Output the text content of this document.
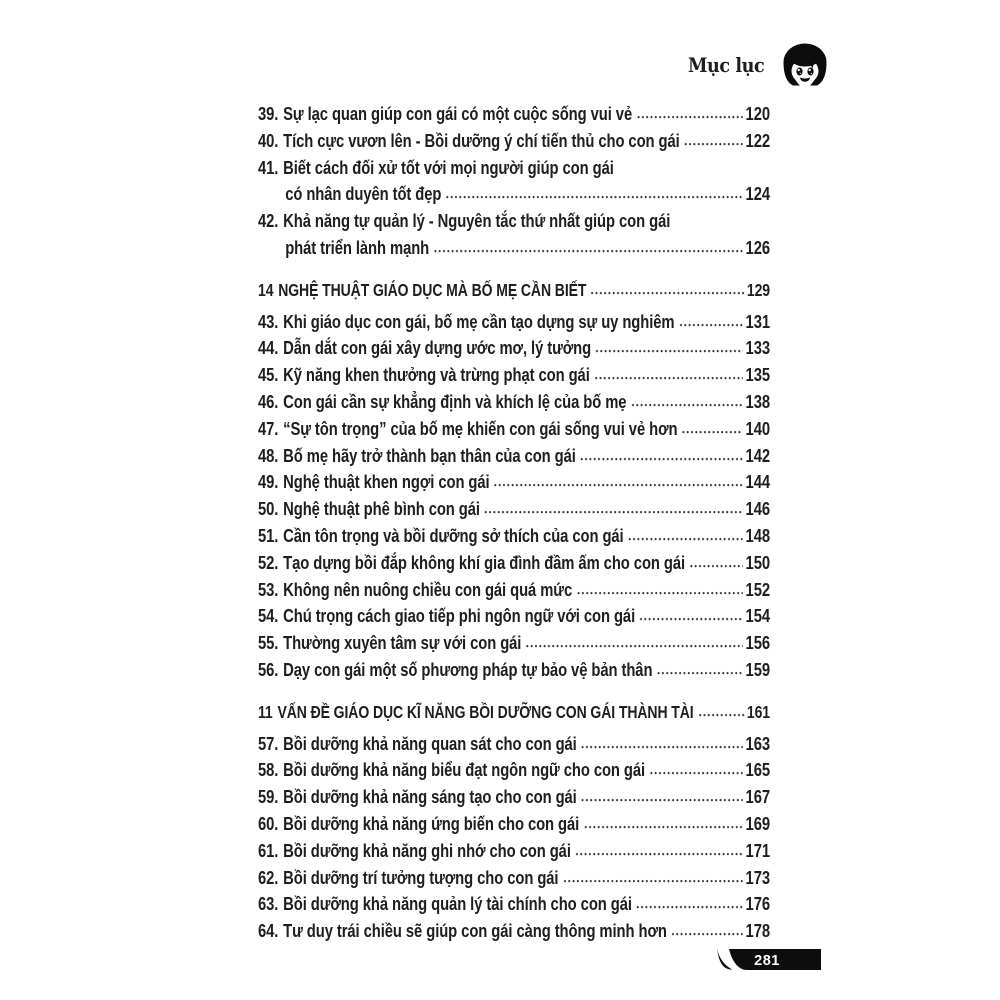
Mục lục
39. Sự lạc quan giúp con gái có một cuộc sống vui vẻ	120
40. Tích cực vươn lên - Bồi dưỡng ý chí tiến thủ cho con gái	122
41. Biết cách đối xử tốt với mọi người giúp con gái
có nhân duyên tốt đẹp	124
42. Khả năng tự quản lý - Nguyên tắc thứ nhất giúp con gái
phát triển lành mạnh	126
14 NGHỆ THUẬT GIÁO DỤC MÀ BỐ MẸ CẦN BIẾT	129
43. Khi giáo dục con gái, bố mẹ cần tạo dựng sự uy nghiêm	131
44. Dẫn dắt con gái xây dựng ước mơ, lý tưởng	133
45. Kỹ năng khen thưởng và trừng phạt con gái	135
46. Con gái cần sự khẳng định và khích lệ của bố mẹ	138
47. “Sự tôn trọng” của bố mẹ khiến con gái sống vui vẻ hơn	140
48. Bố mẹ hãy trở thành bạn thân của con gái	142
49. Nghệ thuật khen ngợi con gái	144
50. Nghệ thuật phê bình con gái	146
51. Cần tôn trọng và bồi dưỡng sở thích của con gái	148
52. Tạo dựng bồi đắp không khí gia đình đầm ấm cho con gái	150
53. Không nên nuông chiều con gái quá mức	152
54. Chú trọng cách giao tiếp phi ngôn ngữ với con gái	154
55. Thường xuyên tâm sự với con gái	156
56. Dạy con gái một số phương pháp tự bảo vệ bản thân	159
11 VẤN ĐỀ GIÁO DỤC KĨ NĂNG BỒI DƯỠNG CON GÁI THÀNH TÀI	161
57. Bồi dưỡng khả năng quan sát cho con gái	163
58. Bồi dưỡng khả năng biểu đạt ngôn ngữ cho con gái	165
59. Bồi dưỡng khả năng sáng tạo cho con gái	167
60. Bồi dưỡng khả năng ứng biến cho con gái	169
61. Bồi dưỡng khả năng ghi nhớ cho con gái	171
62. Bồi dưỡng trí tưởng tượng cho con gái	173
63. Bồi dưỡng khả năng quản lý tài chính cho con gái	176
64. Tư duy trái chiều sẽ giúp con gái càng thông minh hơn	178
281
